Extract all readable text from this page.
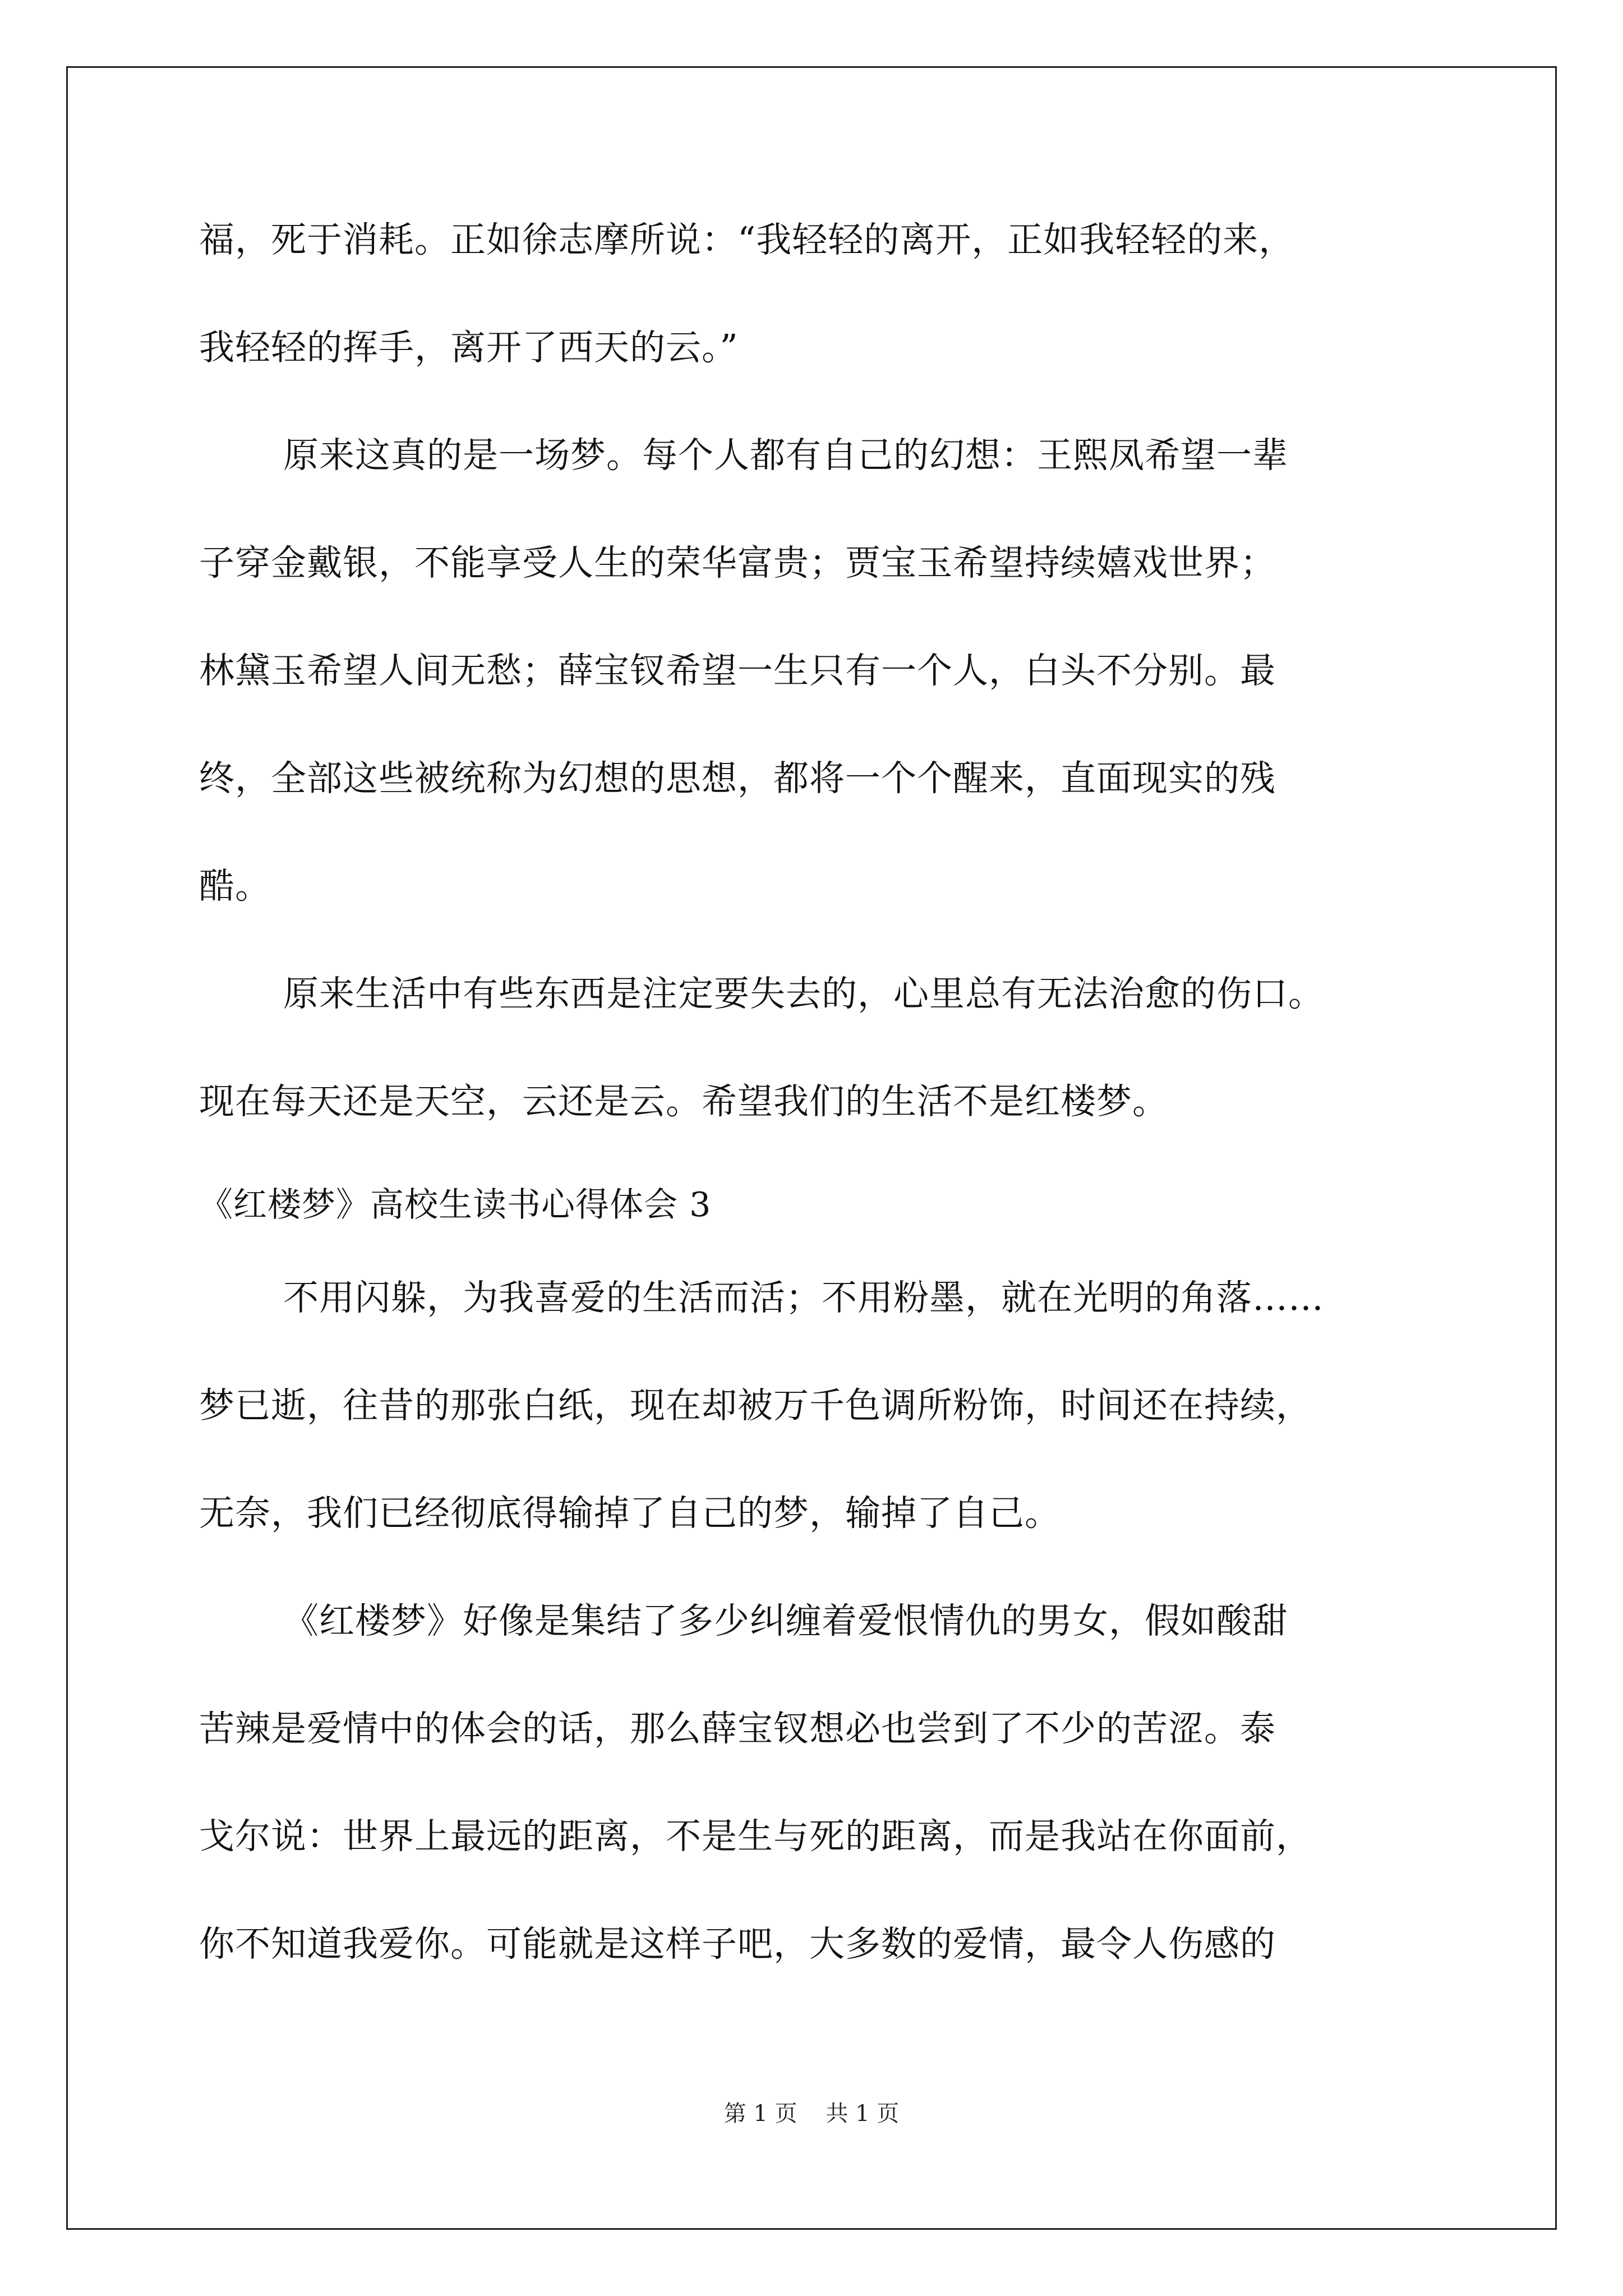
福，死于消耗。正如徐志摩所说：“我轻轻的离开，正如我轻轻的来，
我轻轻的挥手，离开了西天的云。”
原来这真的是一场梦。每个人都有自己的幻想：王熙凤希望一辈
子穿金戴银，不能享受人生的荣华富贵；贾宝玉希望持续嬉戏世界；
林黛玉希望人间无愁；薛宝钗希望一生只有一个人，白头不分别。最
终，全部这些被统称为幻想的思想，都将一个个醒来，直面现实的残
酷。
原来生活中有些东西是注定要失去的，心里总有无法治愈的伤口。
现在每天还是天空，云还是云。希望我们的生活不是红楼梦。
《红楼梦》高校生读书心得体会 3
不用闪躲，为我喜爱的生活而活；不用粉墨，就在光明的角落……
梦已逝，往昔的那张白纸，现在却被万千色调所粉饰，时间还在持续，
无奈，我们已经彻底得输掉了自己的梦，输掉了自己。
《红楼梦》好像是集结了多少纠缠着爱恨情仇的男女，假如酸甜
苦辣是爱情中的体会的话，那么薛宝钗想必也尝到了不少的苦涩。泰
戈尔说：世界上最远的距离，不是生与死的距离，而是我站在你面前，
你不知道我爱你。可能就是这样子吧，大多数的爱情，最令人伤感的
第 1 页    共 1 页
